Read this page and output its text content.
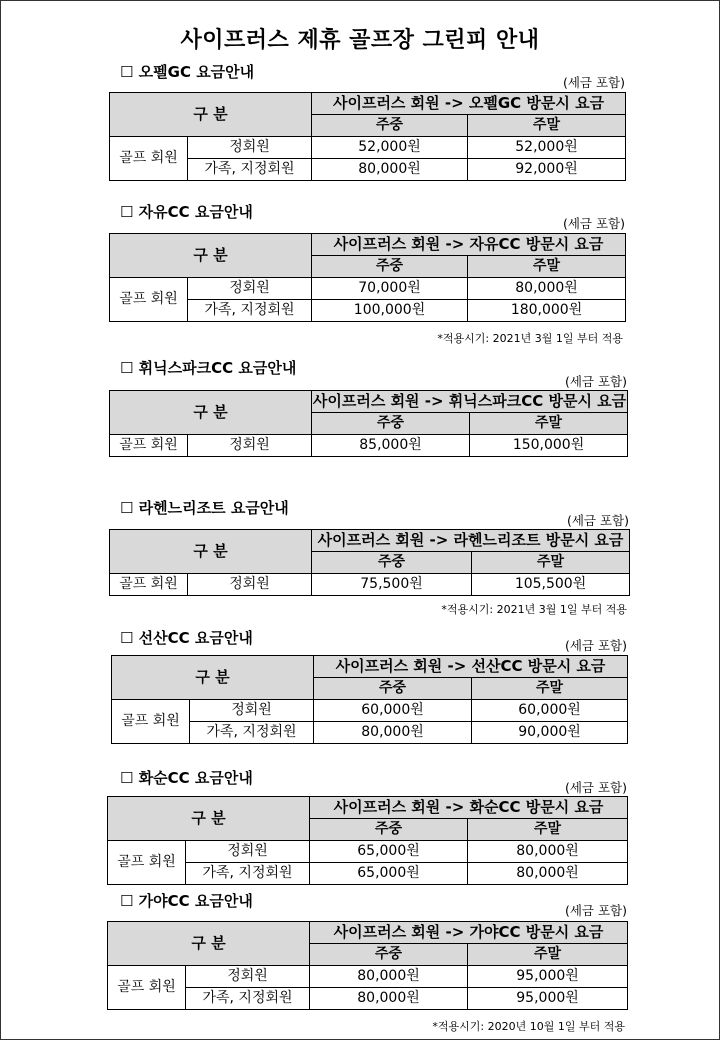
사이프러스 제휴 골프장 그린피 안내
☐ 오펠GC 요금안내
(세금 포함)
구 분		사이프러스 회원 -> 오펠GC 방문시 요금	
		주중	주말
골프 회원	정회원	52,000원	52,000원
	가족, 지정회원	80,000원	92,000원
☐ 자유CC 요금안내
(세금 포함)
구 분		사이프러스 회원 -> 자유CC 방문시 요금	
		주중	주말
골프 회원	정회원	70,000원	80,000원
	가족, 지정회원	100,000원	180,000원
*적용시기: 2021년 3월 1일 부터 적용
☐ 휘닉스파크CC 요금안내
(세금 포함)
구 분		사이프러스 회원 -> 휘닉스파크CC 방문시 요금	
		주중	주말
골프 회원	정회원	85,000원	150,000원
☐ 라헨느리조트 요금안내
(세금 포함)
구 분		사이프러스 회원 -> 라헨느리조트 방문시 요금	
		주중	주말
골프 회원	정회원	75,500원	105,500원
*적용시기: 2021년 3월 1일 부터 적용
☐ 선산CC 요금안내	(세금 포함)
구 분		사이프러스 회원 -> 선산CC 방문시 요금	
		주중	주말
골프 회원	정회원	60,000원	60,000원
	가족, 지정회원	80,000원	90,000원
☐ 화순CC 요금안내
(세금 포함)
구 분		사이프러스 회원 -> 화순CC 방문시 요금	
		주중	주말
골프 회원	정회원	65,000원	80,000원
	가족, 지정회원	65,000원	80,000원
☐ 가야CC 요금안내
(세금 포함)
구 분		사이프러스 회원 -> 가야CC 방문시 요금	
		주중	주말
골프 회원	정회원	80,000원	95,000원
	가족, 지정회원	80,000원	95,000원
*적용시기: 2020년 10월 1일 부터 적용
